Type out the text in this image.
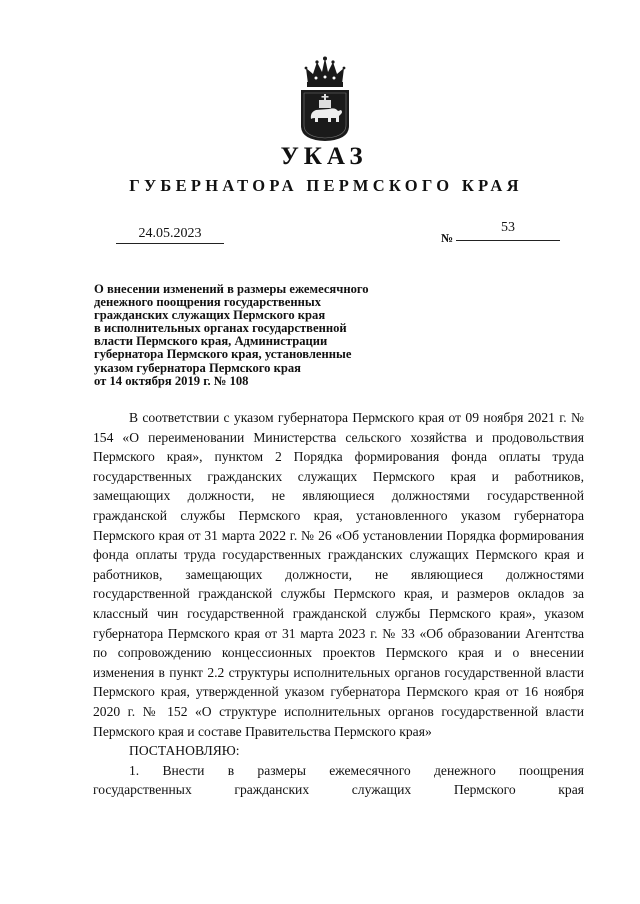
УКАЗ
ГУБЕРНАТОРА ПЕРМСКОГО КРАЯ
24.05.2023	№
53
О внесении изменений в размеры ежемесячного
денежного поощрения государственных
гражданских служащих Пермского края
в исполнительных органах государственной
власти Пермского края, Администрации
губернатора Пермского края, установленные
указом губернатора Пермского края
от 14 октября 2019 г. № 108

В соответствии с указом губернатора Пермского края от 09 ноября 2021 г. № 154 «О переименовании Министерства сельского хозяйства и продовольствия Пермского края», пунктом 2 Порядка формирования фонда оплаты труда государственных гражданских служащих Пермского края и работников, замещающих должности, не являющиеся должностями государственной гражданской службы Пермского края, установленного указом губернатора Пермского края от 31 марта 2022 г. № 26 «Об установлении Порядка формирования фонда оплаты труда государственных гражданских служащих Пермского края и работников, замещающих должности, не являющиеся должностями государственной гражданской службы Пермского края, и размеров окладов за классный чин государственной гражданской службы Пермского края», указом губернатора Пермского края от 31 марта 2023 г. № 33 «Об образовании Агентства по сопровождению концессионных проектов Пермского края и о внесении изменения в пункт 2.2 структуры исполнительных органов государственной власти Пермского края, утвержденной указом губернатора Пермского края от 16 ноября 2020 г. № 152 «О структуре исполнительных органов государственной власти Пермского края и составе Правительства Пермского края»

ПОСТАНОВЛЯЮ:
1. Внести в размеры ежемесячного денежного поощрения
государственных гражданских служащих Пермского края
